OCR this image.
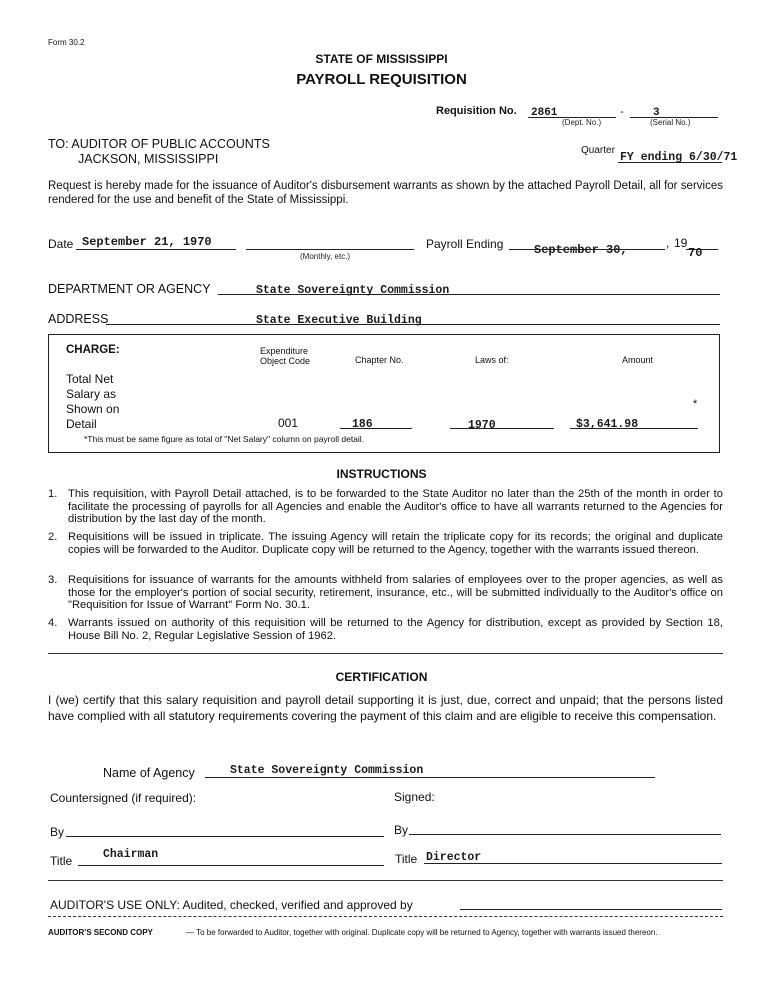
Form 30.2
STATE OF MISSISSIPPI
PAYROLL REQUISITION
Requisition No. 2861
(Dept. No.)
-	3
(Serial No.)
TO: AUDITOR OF PUBLIC ACCOUNTS
JACKSON, MISSISSIPPI
Quarter
FY ending 6/30/71
Request is hereby made for the issuance of Auditor's disbursement warrants as shown by the attached Payroll Detail, all for services rendered for the use and benefit of the State of Mississippi.
Date September 21, 1970
(Monthly, etc.)
Payroll Ending	September 30,	, 19
70
DEPARTMENT OR AGENCY	State Sovereignty Commission
ADDRESS	State Executive Building
CHARGE:	Expenditure
Object Code	Chapter No.	Laws of:	Amount
Total Net
Salary as
Shown on
Detail
*
001	186	1970	$3,641.98
*This must be same figure as total of "Net Salary" column on payroll detail.
INSTRUCTIONS
1. This requisition, with Payroll Detail attached, is to be forwarded to the State Auditor no later than the 25th of the month in order to facilitate the processing of payrolls for all Agencies and enable the Auditor's office to have all warrants returned to the Agencies for distribution by the last day of the month.
2. Requisitions will be issued in triplicate. The issuing Agency will retain the triplicate copy for its records; the original and duplicate copies will be forwarded to the Auditor. Duplicate copy will be returned to the Agency, together with the warrants issued thereon.
3. Requisitions for issuance of warrants for the amounts withheld from salaries of employees over to the proper agencies, as well as those for the employer's portion of social security, retirement, insurance, etc., will be submitted individually to the Auditor's office on "Requisition for Issue of Warrant" Form No. 30.1.
4. Warrants issued on authority of this requisition will be returned to the Agency for distribution, except as provided by Section 18, House Bill No. 2, Regular Legislative Session of 1962.
CERTIFICATION
I (we) certify that this salary requisition and payroll detail supporting it is just, due, correct and unpaid; that the persons listed have complied with all statutory requirements covering the payment of this claim and are eligible to receive this compensation.
Name of Agency	State Sovereignty Commission
Countersigned (if required):	Signed:
By	By
Title	Chairman	Title Director
AUDITOR'S USE ONLY: Audited, checked, verified and approved by
AUDITOR'S SECOND COPY	— To be forwarded to Auditor, together with original. Duplicate copy will be returned to Agency, together with warrants issued thereon.
